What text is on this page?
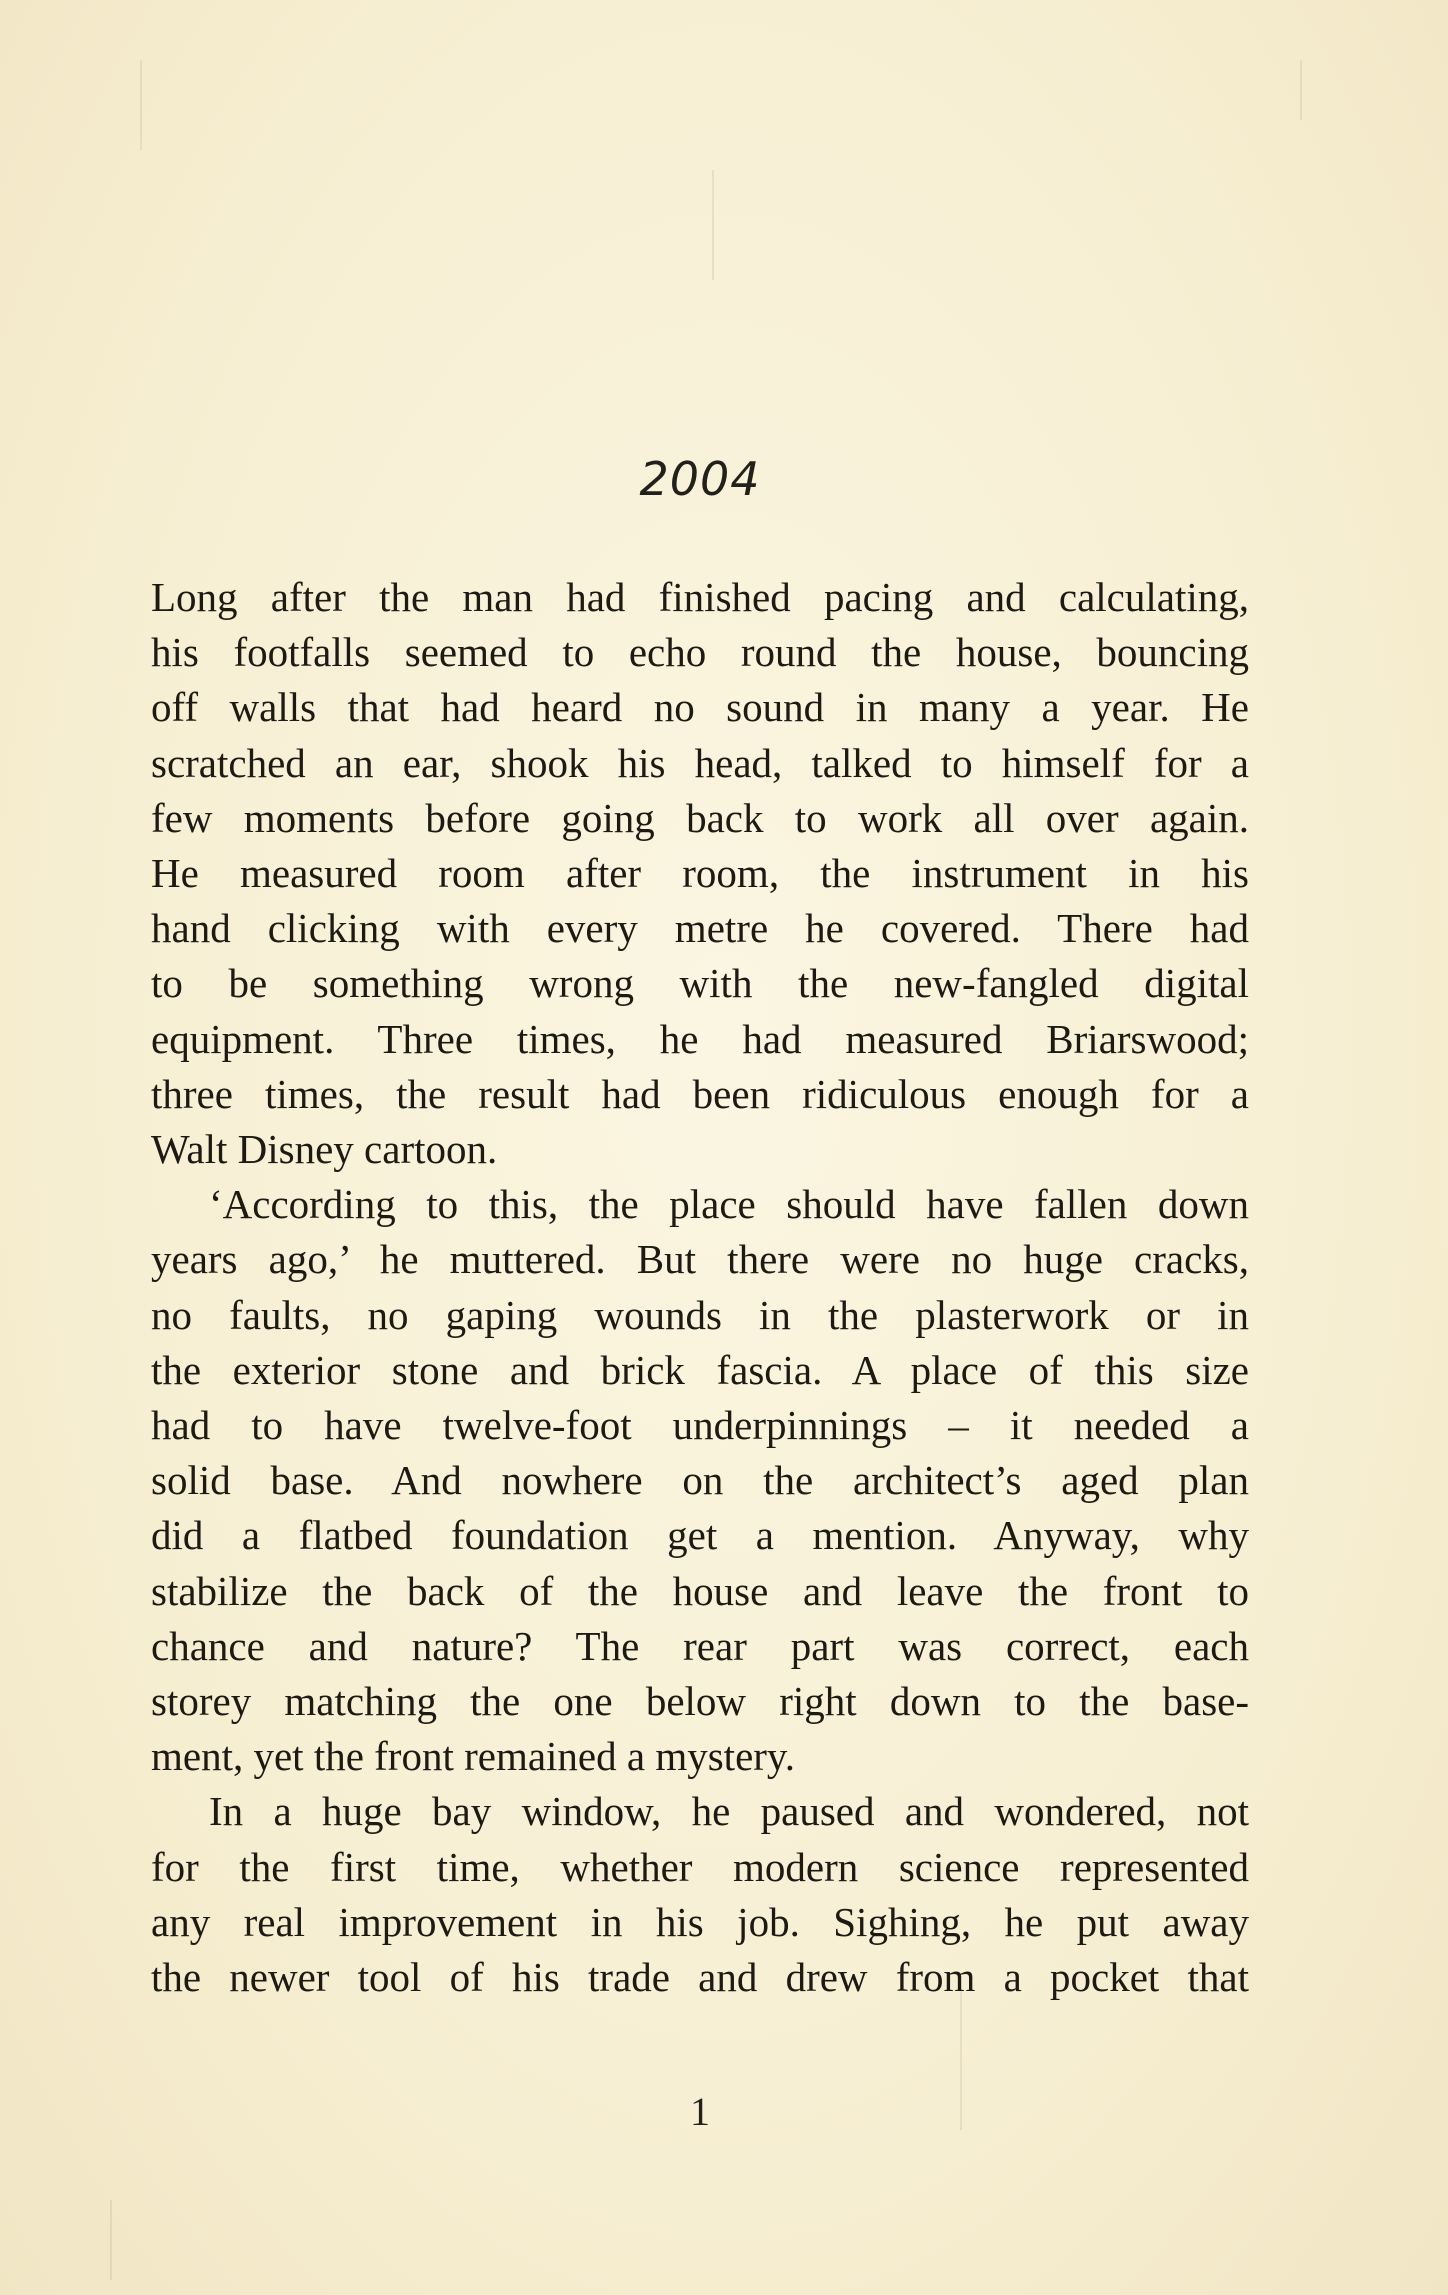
2004

Long after the man had finished pacing and calculating,
his footfalls seemed to echo round the house, bouncing
off walls that had heard no sound in many a year. He
scratched an ear, shook his head, talked to himself for a
few moments before going back to work all over again.
He measured room after room, the instrument in his
hand clicking with every metre he covered. There had
to be something wrong with the new-fangled digital
equipment. Three times, he had measured Briarswood;
three times, the result had been ridiculous enough for a
Walt Disney cartoon.

‘According to this, the place should have fallen down
years ago,’ he muttered. But there were no huge cracks,
no faults, no gaping wounds in the plasterwork or in
the exterior stone and brick fascia. A place of this size
had to have twelve-foot underpinnings – it needed a
solid base. And nowhere on the architect’s aged plan
did a flatbed foundation get a mention. Anyway, why
stabilize the back of the house and leave the front to
chance and nature? The rear part was correct, each
storey matching the one below right down to the base-
ment, yet the front remained a mystery.

In a huge bay window, he paused and wondered, not
for the first time, whether modern science represented
any real improvement in his job. Sighing, he put away
the newer tool of his trade and drew from a pocket that

1
